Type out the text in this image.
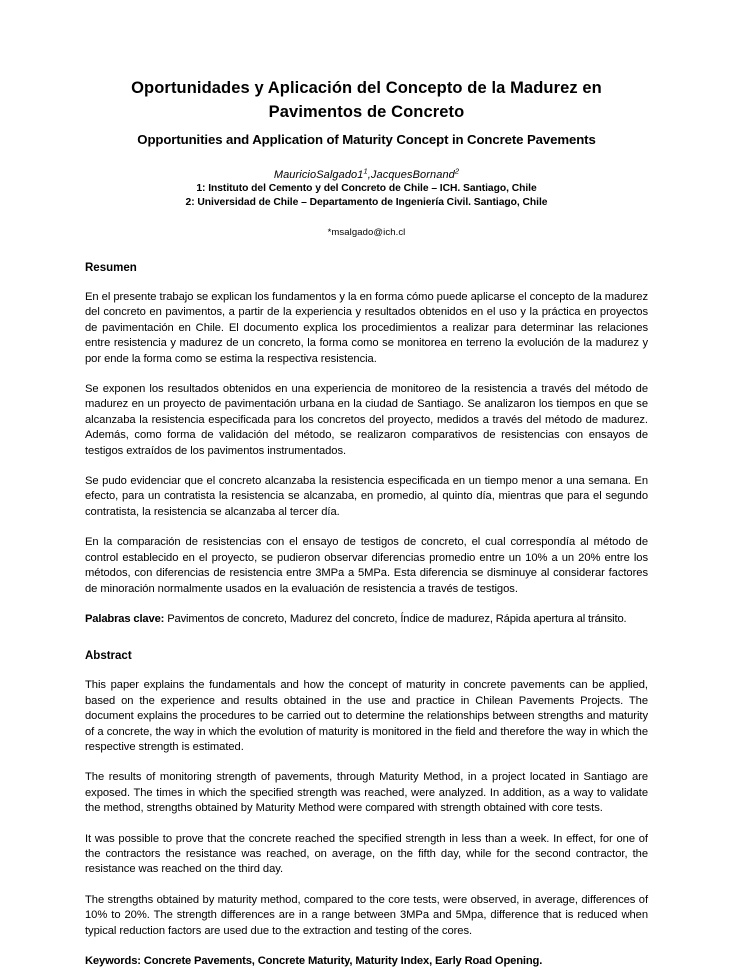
Oportunidades y Aplicación del Concepto de la Madurez en Pavimentos de Concreto
Opportunities and Application of Maturity Concept in Concrete Pavements
$MauricioSalgado1^1,JacquesBornand^2$
1: Instituto del Cemento y del Concreto de Chile – ICH. Santiago, Chile
2: Universidad de Chile – Departamento de Ingeniería Civil. Santiago, Chile
*msalgado@ich.cl
Resumen

En el presente trabajo se explican los fundamentos y la en forma cómo puede aplicarse el concepto de la madurez del concreto en pavimentos, a partir de la experiencia y resultados obtenidos en el uso y la práctica en proyectos de pavimentación en Chile. El documento explica los procedimientos a realizar para determinar las relaciones entre resistencia y madurez de un concreto, la forma como se monitorea en terreno la evolución de la madurez y por ende la forma como se estima la respectiva resistencia.

Se exponen los resultados obtenidos en una experiencia de monitoreo de la resistencia a través del método de madurez en un proyecto de pavimentación urbana en la ciudad de Santiago. Se analizaron los tiempos en que se alcanzaba la resistencia especificada para los concretos del proyecto, medidos a través del método de madurez. Además, como forma de validación del método, se realizaron comparativos de resistencias con ensayos de testigos extraídos de los pavimentos instrumentados.

Se pudo evidenciar que el concreto alcanzaba la resistencia especificada en un tiempo menor a una semana. En efecto, para un contratista la resistencia se alcanzaba, en promedio, al quinto día, mientras que para el segundo contratista, la resistencia se alcanzaba al tercer día.

En la comparación de resistencias con el ensayo de testigos de concreto, el cual correspondía al método de control establecido en el proyecto, se pudieron observar diferencias promedio entre un 10% a un 20% entre los métodos, con diferencias de resistencia entre 3MPa a 5MPa. Esta diferencia se disminuye al considerar factores de minoración normalmente usados en la evaluación de resistencia a través de testigos.

Palabras clave: Pavimentos de concreto, Madurez del concreto, Índice de madurez, Rápida apertura al tránsito.

Abstract

This paper explains the fundamentals and how the concept of maturity in concrete pavements can be applied, based on the experience and results obtained in the use and practice in Chilean Pavements Projects. The document explains the procedures to be carried out to determine the relationships between strengths and maturity of a concrete, the way in which the evolution of maturity is monitored in the field and therefore the way in which the respective strength is estimated.

The results of monitoring strength of pavements, through Maturity Method, in a project located in Santiago are exposed. The times in which the specified strength was reached, were analyzed. In addition, as a way to validate the method, strengths obtained by Maturity Method were compared with strength obtained with core tests.

It was possible to prove that the concrete reached the specified strength in less than a week. In effect, for one of the contractors the resistance was reached, on average, on the fifth day, while for the second contractor, the resistance was reached on the third day.

The strengths obtained by maturity method, compared to the core tests, were observed, in average, differences of 10% to 20%. The strength differences are in a range between 3MPa and 5Mpa, difference that is reduced when typical reduction factors are used due to the extraction and testing of the cores.

Keywords: Concrete Pavements, Concrete Maturity, Maturity Index, Early Road Opening.
